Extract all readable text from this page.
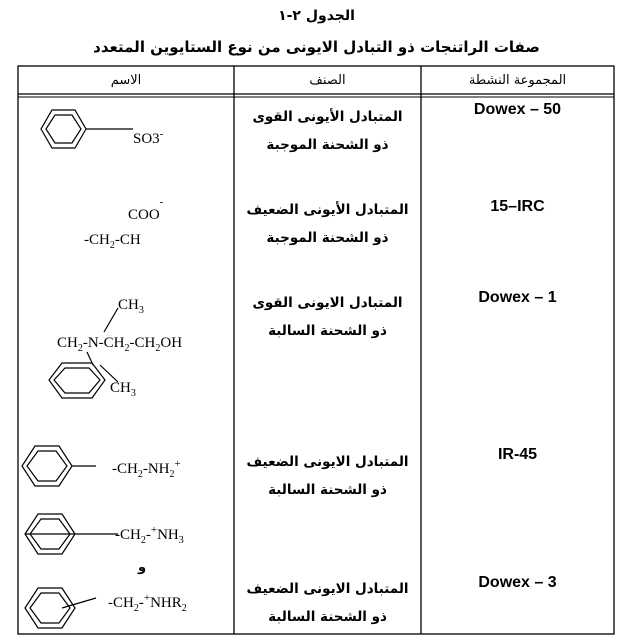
الجدول ٢-١
صفات الراتنجات ذو التبادل الايونى من نوع الستايوين المتعدد
الاسم	الصنف	المجموعة النشطة
Dowex – 50
15–IRC
Dowex – 1
IR-45
Dowex – 3
المتبادل الأيونى القوى
ذو الشحنة الموجبة
المتبادل الأيونى الضعيف
ذو الشحنة الموجبة
المتبادل الايونى القوى
ذو الشحنة السالبة
المتبادل الايونى الضعيف
ذو الشحنة السالبة
المتبادل الايونى الضعيف
ذو الشحنة السالبة
SO3-
COO-
$-CH_2-CH$
$CH_3$
$CH_2-N-CH_2-CH_2OH$
$CH_3$
$-CH_2-NH_2^+$
$-CH_2-^+NH_3$
و
$-CH_2-^+NHR_2$
